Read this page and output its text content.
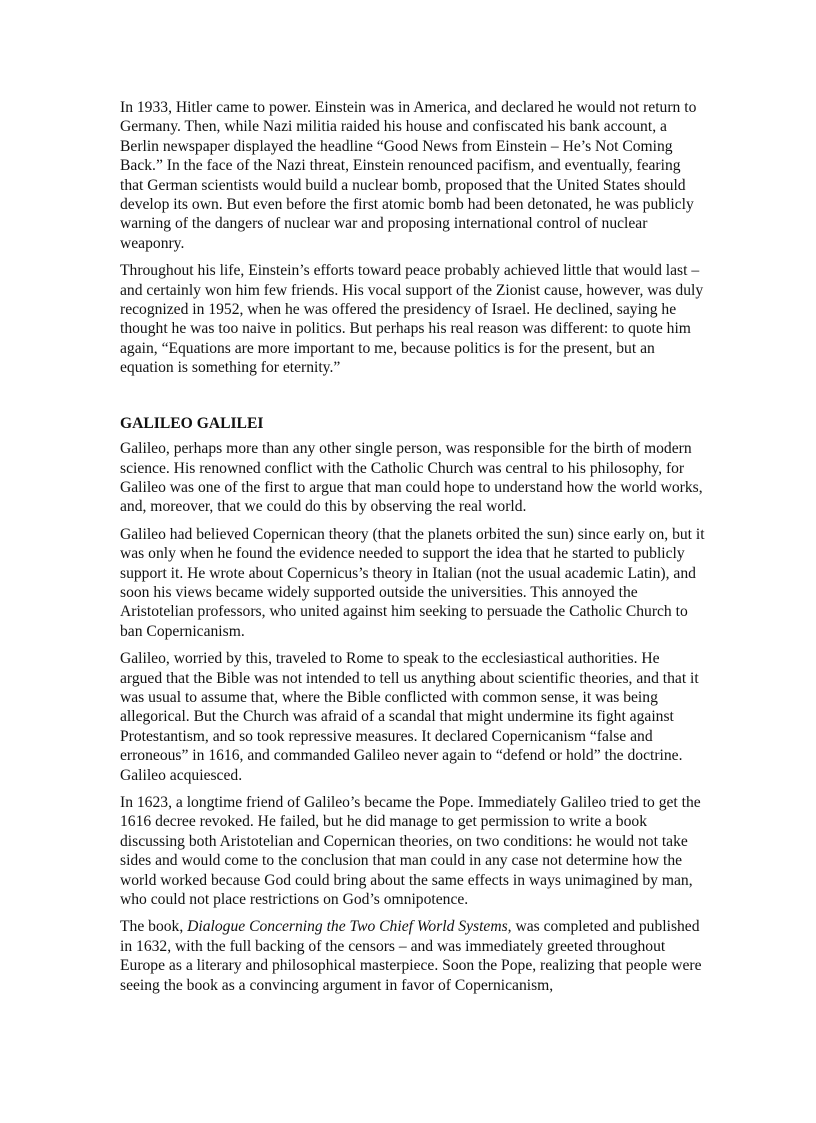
In 1933, Hitler came to power. Einstein was in America, and declared he would not return to Germany. Then, while Nazi militia raided his house and confiscated his bank account, a Berlin newspaper displayed the headline “Good News from Einstein – He’s Not Coming Back.” In the face of the Nazi threat, Einstein renounced pacifism, and eventually, fearing that German scientists would build a nuclear bomb, proposed that the United States should develop its own. But even before the first atomic bomb had been detonated, he was publicly warning of the dangers of nuclear war and proposing international control of nuclear weaponry.

Throughout his life, Einstein’s efforts toward peace probably achieved little that would last – and certainly won him few friends. His vocal support of the Zionist cause, however, was duly recognized in 1952, when he was offered the presidency of Israel. He declined, saying he thought he was too naive in politics. But perhaps his real reason was different: to quote him again, “Equations are more important to me, because politics is for the present, but an equation is something for eternity.”

GALILEO GALILEI

Galileo, perhaps more than any other single person, was responsible for the birth of modern science. His renowned conflict with the Catholic Church was central to his philosophy, for Galileo was one of the first to argue that man could hope to understand how the world works, and, moreover, that we could do this by observing the real world.

Galileo had believed Copernican theory (that the planets orbited the sun) since early on, but it was only when he found the evidence needed to support the idea that he started to publicly support it. He wrote about Copernicus’s theory in Italian (not the usual academic Latin), and soon his views became widely supported outside the universities. This annoyed the Aristotelian professors, who united against him seeking to persuade the Catholic Church to ban Copernicanism.

Galileo, worried by this, traveled to Rome to speak to the ecclesiastical authorities. He argued that the Bible was not intended to tell us anything about scientific theories, and that it was usual to assume that, where the Bible conflicted with common sense, it was being allegorical. But the Church was afraid of a scandal that might undermine its fight against Protestantism, and so took repressive measures. It declared Copernicanism “false and erroneous” in 1616, and commanded Galileo never again to “defend or hold” the doctrine. Galileo acquiesced.

In 1623, a longtime friend of Galileo’s became the Pope. Immediately Galileo tried to get the 1616 decree revoked. He failed, but he did manage to get permission to write a book discussing both Aristotelian and Copernican theories, on two conditions: he would not take sides and would come to the conclusion that man could in any case not determine how the world worked because God could bring about the same effects in ways unimagined by man, who could not place restrictions on God’s omnipotence.

The book, Dialogue Concerning the Two Chief World Systems, was completed and published in 1632, with the full backing of the censors – and was immediately greeted throughout Europe as a literary and philosophical masterpiece. Soon the Pope, realizing that people were seeing the book as a convincing argument in favor of Copernicanism,
